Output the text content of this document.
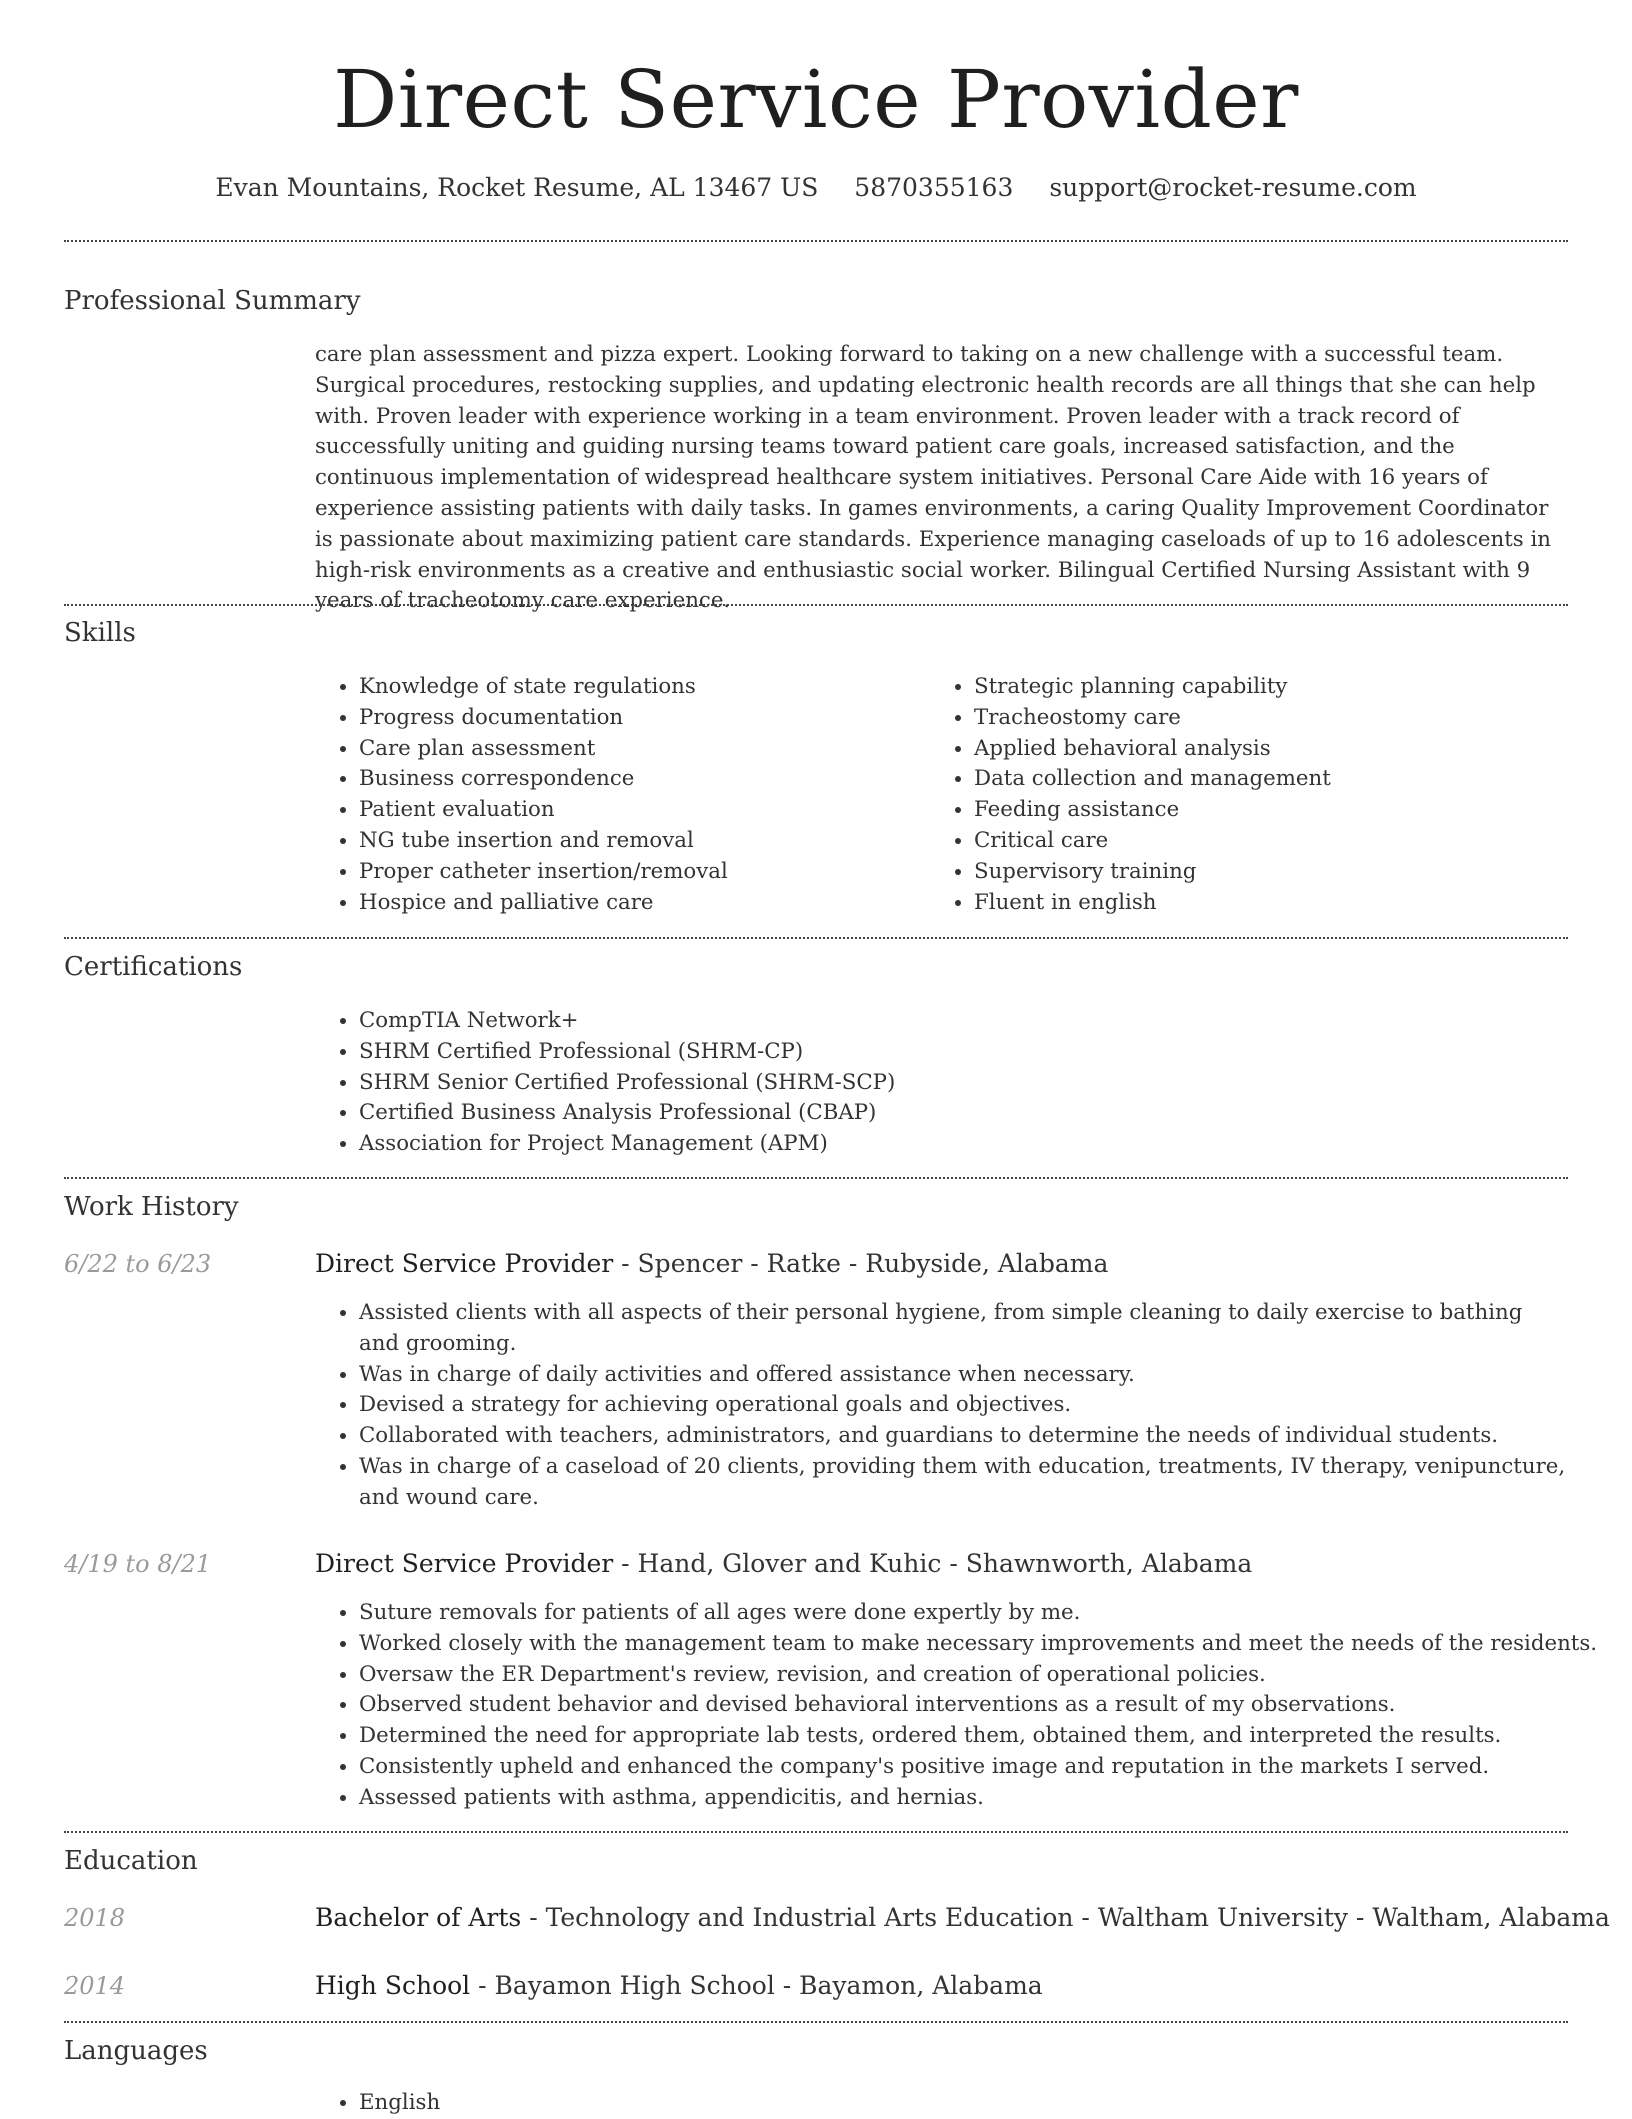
Direct Service Provider
Evan Mountains, Rocket Resume, AL 13467 US 5870355163 support@rocket-resume.com
Professional Summary

care plan assessment and pizza expert. Looking forward to taking on a new challenge with a successful team. Surgical procedures, restocking supplies, and updating electronic health records are all things that she can help with. Proven leader with experience working in a team environment. Proven leader with a track record of successfully uniting and guiding nursing teams toward patient care goals, increased satisfaction, and the continuous implementation of widespread healthcare system initiatives. Personal Care Aide with 16 years of experience assisting patients with daily tasks. In games environments, a caring Quality Improvement Coordinator is passionate about maximizing patient care standards. Experience managing caseloads of up to 16 adolescents in high-risk environments as a creative and enthusiastic social worker. Bilingual Certified Nursing Assistant with 9 years of tracheotomy care experience.

Skills
• Knowledge of state regulations
• Progress documentation
• Care plan assessment
• Business correspondence
• Patient evaluation
• NG tube insertion and removal
• Proper catheter insertion/removal
• Hospice and palliative care
• Strategic planning capability
• Tracheostomy care
• Applied behavioral analysis
• Data collection and management
• Feeding assistance
• Critical care
• Supervisory training
• Fluent in english
Certifications
• CompTIA Network+
• SHRM Certified Professional (SHRM-CP)
• SHRM Senior Certified Professional (SHRM-SCP)
• Certified Business Analysis Professional (CBAP)
• Association for Project Management (APM)
Work History
6/22 to 6/23	Direct Service Provider - Spencer - Ratke - Rubyside, Alabama
• Assisted clients with all aspects of their personal hygiene, from simple cleaning to daily exercise to bathing and grooming.
• Was in charge of daily activities and offered assistance when necessary.
• Devised a strategy for achieving operational goals and objectives.
• Collaborated with teachers, administrators, and guardians to determine the needs of individual students.
• Was in charge of a caseload of 20 clients, providing them with education, treatments, IV therapy, venipuncture, and wound care.
4/19 to 8/21	Direct Service Provider - Hand, Glover and Kuhic - Shawnworth, Alabama
• Suture removals for patients of all ages were done expertly by me.
• Worked closely with the management team to make necessary improvements and meet the needs of the residents.
• Oversaw the ER Department's review, revision, and creation of operational policies.
• Observed student behavior and devised behavioral interventions as a result of my observations.
• Determined the need for appropriate lab tests, ordered them, obtained them, and interpreted the results.
• Consistently upheld and enhanced the company's positive image and reputation in the markets I served.
• Assessed patients with asthma, appendicitis, and hernias.
Education
2018	Bachelor of Arts - Technology and Industrial Arts Education - Waltham University - Waltham, Alabama
2014	High School - Bayamon High School - Bayamon, Alabama
Languages
• English
